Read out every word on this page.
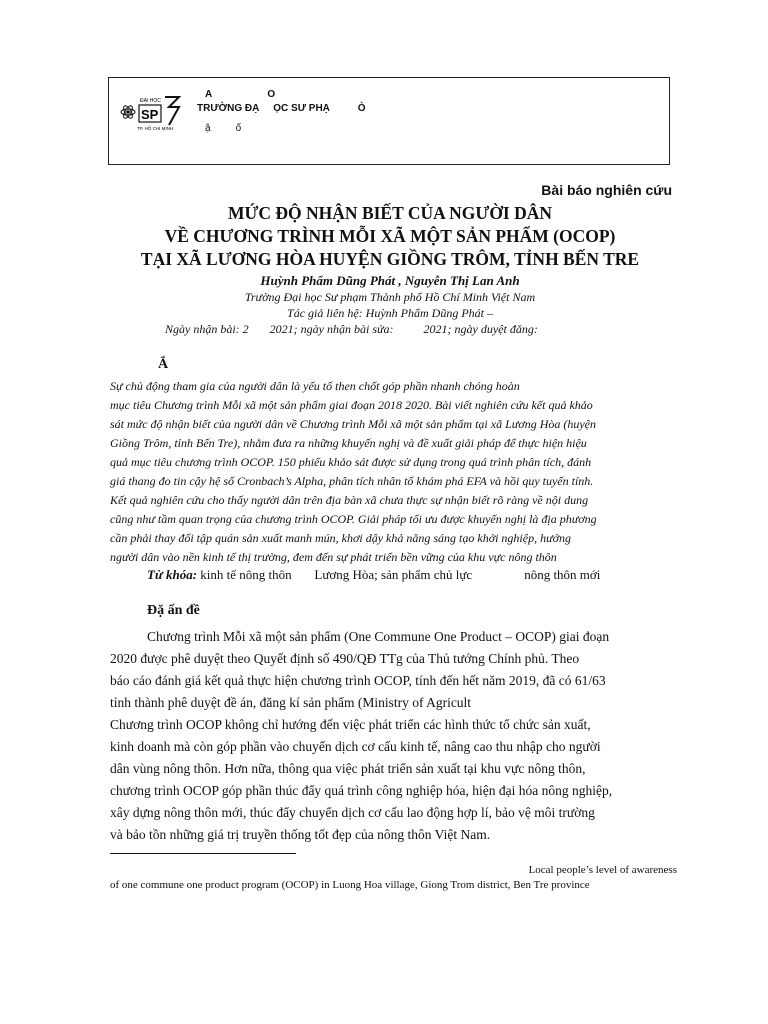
ĐẠI HỌC
SP
TP. HỒ CHÍ MINH
A                    O
TRƯỜNG ĐẠ     ỌC SƯ PHẠ          Ò
ậ         ố
Bài báo nghiên cứu
MỨC ĐỘ NHẬN BIẾT CỦA NGƯỜI DÂN
VỀ CHƯƠNG TRÌNH MỖI XÃ MỘT SẢN PHẨM (OCOP)
TẠI XÃ LƯƠNG HÒA HUYỆN GIỒNG TRÔM, TỈNH BẾN TRE
Huỳnh Phẩm Dũng Phát , Nguyễn Thị Lan Anh
Trường Đại học Sư phạm Thành phố Hồ Chí Minh Việt Nam
Tác giả liên hệ: Huỳnh Phẩm Dũng Phát –
Ngày nhận bài: 2       2021; ngày nhận bài sửa:          2021; ngày duyệt đăng:
Ắ
Sự chủ động tham gia của người dân là yếu tố then chốt góp phần nhanh chóng hoàn
mục tiêu Chương trình Mỗi xã một sản phẩm giai đoạn 2018 2020. Bài viết nghiên cứu kết quả khảo
sát mức độ nhận biết của người dân về Chương trình Mỗi xã một sản phẩm tại xã Lương Hòa (huyện
Giồng Trôm, tỉnh Bến Tre), nhằm đưa ra những khuyến nghị và đề xuất giải pháp để thực hiện hiệu
quả mục tiêu chương trình OCOP. 150 phiếu khảo sát được sử dụng trong quá trình phân tích, đánh
giá thang đo tin cậy hệ số Cronbach’s Alpha, phân tích nhân tố khám phá EFA và hồi quy tuyến tính.
Kết quả nghiên cứu cho thấy người dân trên địa bàn xã chưa thực sự nhận biết rõ ràng về nội dung
cũng như tầm quan trọng của chương trình OCOP. Giải pháp tối ưu được khuyến nghị là địa phương
cần phải thay đổi tập quán sản xuất manh mún, khơi dậy khả năng sáng tạo khởi nghiệp, hướng
người dân vào nền kinh tế thị trường, đem đến sự phát triển bền vững của khu vực nông thôn
Từ khóa: kinh tế nông thôn       Lương Hòa; sản phẩm chủ lực                nông thôn mới
Đặ ấn đề
Chương trình Mỗi xã một sản phẩm (One Commune One Product – OCOP) giai đoạn
2020 được phê duyệt theo Quyết định số 490/QĐ TTg của Thủ tướng Chính phủ. Theo
báo cáo đánh giá kết quả thực hiện chương trình OCOP, tính đến hết năm 2019, đã có 61/63
tỉnh thành phê duyệt đề án, đăng kí sản phẩm (Ministry of Agricult
Chương trình OCOP không chỉ hướng đến việc phát triển các hình thức tổ chức sản xuất,
kinh doanh mà còn góp phần vào chuyển dịch cơ cấu kinh tế, nâng cao thu nhập cho người
dân vùng nông thôn. Hơn nữa, thông qua việc phát triển sản xuất tại khu vực nông thôn,
chương trình OCOP góp phần thúc đẩy quá trình công nghiệp hóa, hiện đại hóa nông nghiệp,
xây dựng nông thôn mới, thúc đẩy chuyển dịch cơ cấu lao động hợp lí, bảo vệ môi trường
và bảo tồn những giá trị truyền thống tốt đẹp của nông thôn Việt Nam.
Local people’s level of awareness
of one commune one product program (OCOP) in Luong Hoa village, Giong Trom district, Ben Tre province
